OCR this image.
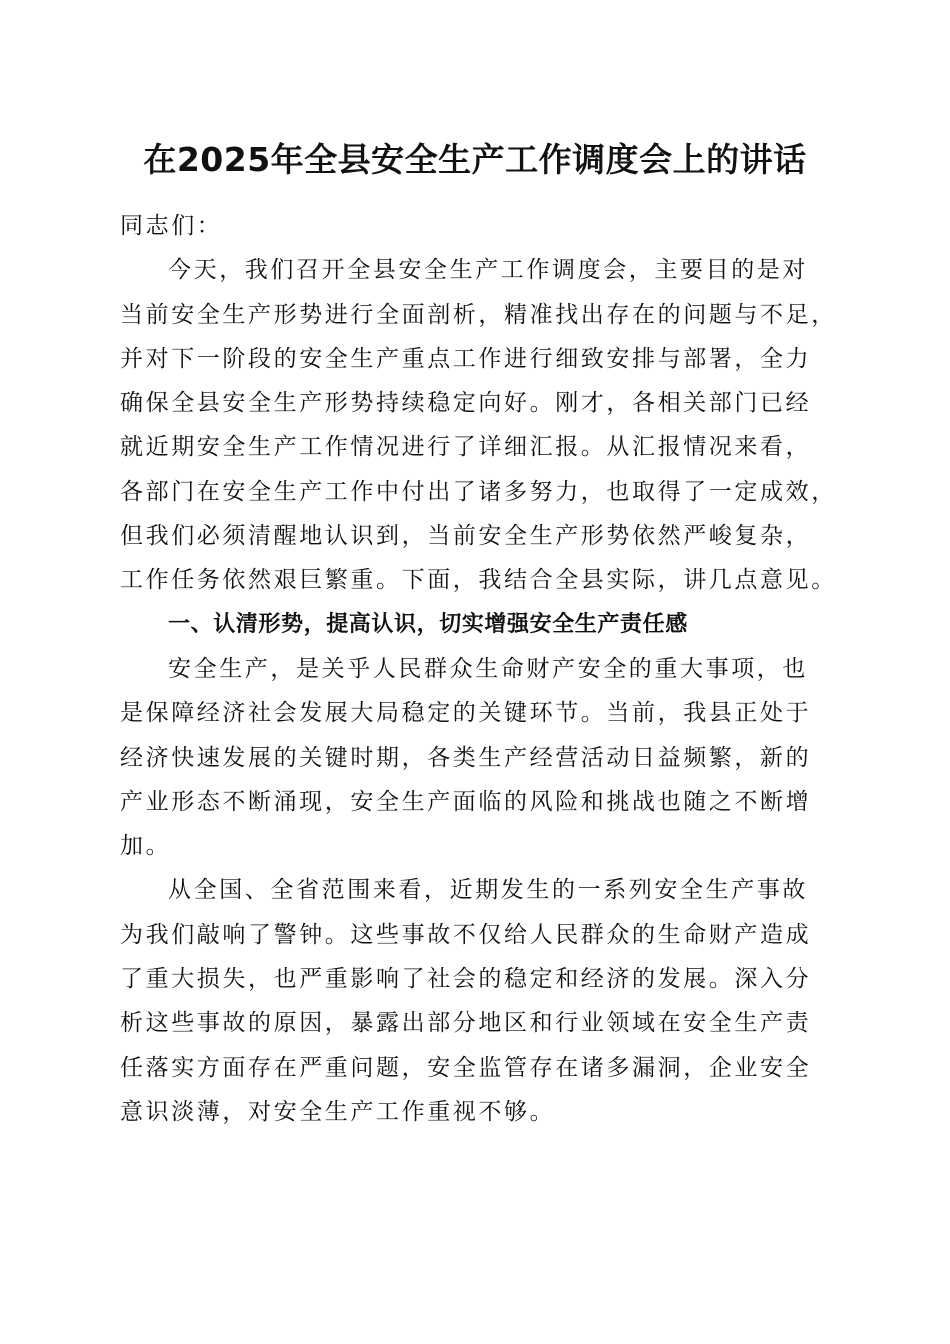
在2025年全县安全生产工作调度会上的讲话

同志们：

今天，我们召开全县安全生产工作调度会，主要目的是对
当前安全生产形势进行全面剖析，精准找出存在的问题与不足，
并对下一阶段的安全生产重点工作进行细致安排与部署，全力
确保全县安全生产形势持续稳定向好。刚才，各相关部门已经
就近期安全生产工作情况进行了详细汇报。从汇报情况来看，
各部门在安全生产工作中付出了诸多努力，也取得了一定成效，
但我们必须清醒地认识到，当前安全生产形势依然严峻复杂，
工作任务依然艰巨繁重。下面，我结合全县实际，讲几点意见。

一、认清形势，提高认识，切实增强安全生产责任感

安全生产，是关乎人民群众生命财产安全的重大事项，也
是保障经济社会发展大局稳定的关键环节。当前，我县正处于
经济快速发展的关键时期，各类生产经营活动日益频繁，新的
产业形态不断涌现，安全生产面临的风险和挑战也随之不断增
加。

从全国、全省范围来看，近期发生的一系列安全生产事故
为我们敲响了警钟。这些事故不仅给人民群众的生命财产造成
了重大损失，也严重影响了社会的稳定和经济的发展。深入分
析这些事故的原因，暴露出部分地区和行业领域在安全生产责
任落实方面存在严重问题，安全监管存在诸多漏洞，企业安全
意识淡薄，对安全生产工作重视不够。
